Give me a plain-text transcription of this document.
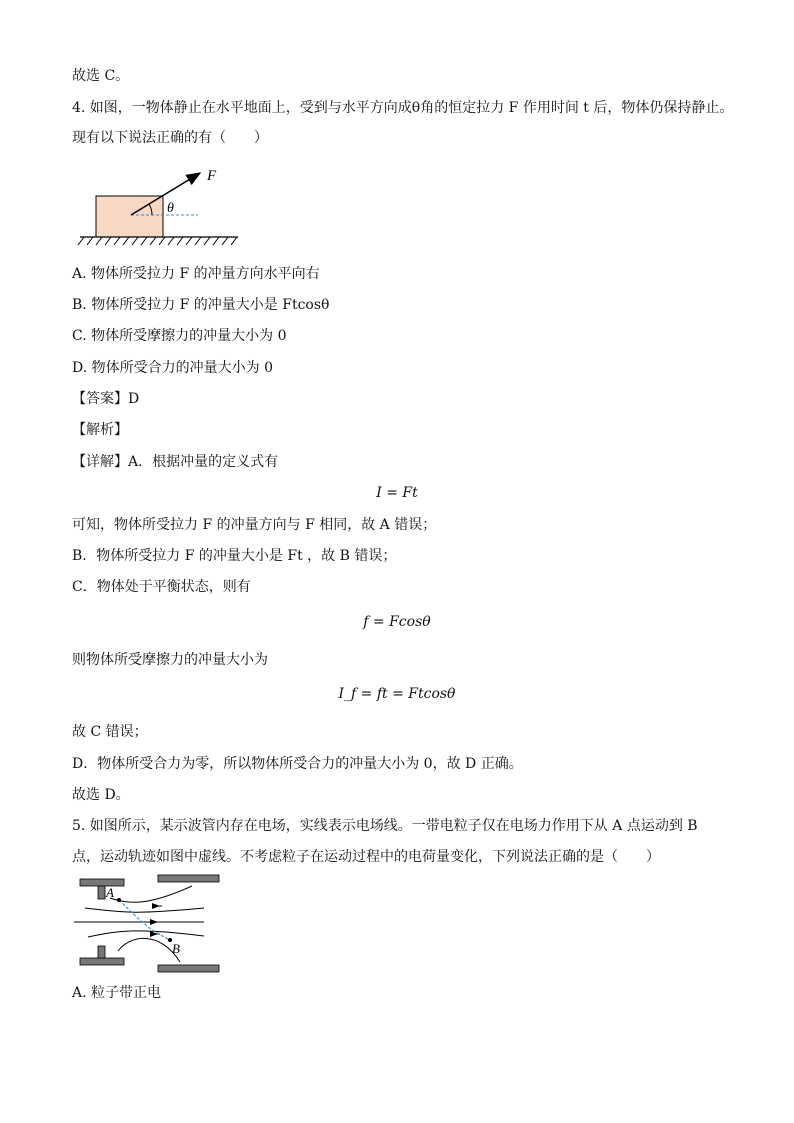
故选 C。
4. 如图，一物体静止在水平地面上，受到与水平方向成θ角的恒定拉力 F 作用时间 t 后，物体仍保持静止。
现有以下说法正确的有（　　）
F
θ
A. 物体所受拉力 F 的冲量方向水平向右
B. 物体所受拉力 F 的冲量大小是 Ftcosθ
C. 物体所受摩擦力的冲量大小为 0
D. 物体所受合力的冲量大小为 0
【答案】D
【解析】
【详解】A．根据冲量的定义式有
I = Ft
可知，物体所受拉力 F 的冲量方向与 F 相同，故 A 错误；
B．物体所受拉力 F 的冲量大小是 Ft ，故 B 错误；
C．物体处于平衡状态，则有
f = Fcosθ
则物体所受摩擦力的冲量大小为
I_f = ft = Ftcosθ
故 C 错误；
D．物体所受合力为零，所以物体所受合力的冲量大小为 0，故 D 正确。
故选 D。
5. 如图所示，某示波管内存在电场，实线表示电场线。一带电粒子仅在电场力作用下从 A 点运动到 B
点，运动轨迹如图中虚线。不考虑粒子在运动过程中的电荷量变化，下列说法正确的是（　　）
A
B
A. 粒子带正电
